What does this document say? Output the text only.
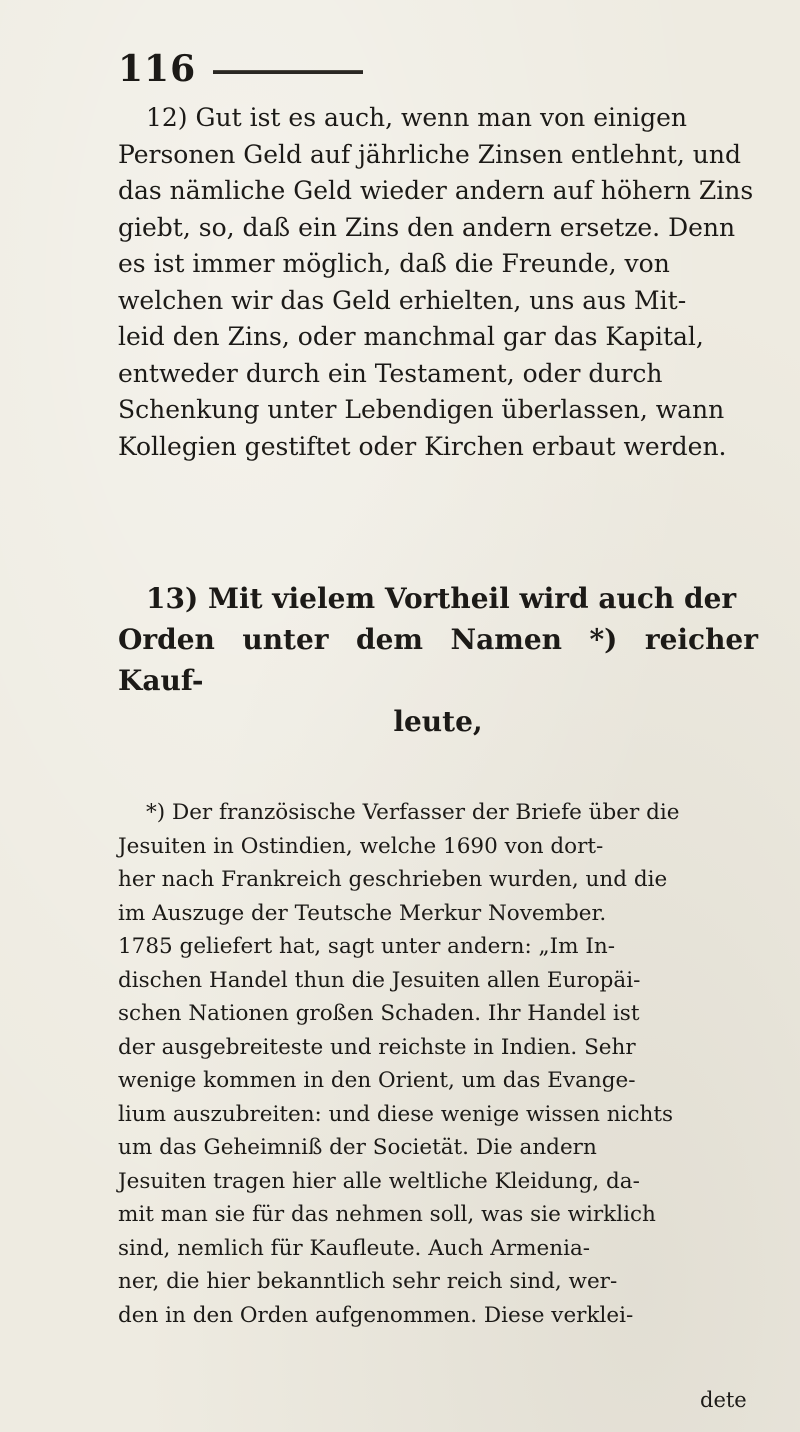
116

12) Gut ist es auch, wenn man von einigen

Personen Geld auf jährliche Zinsen entlehnt, und

das nämliche Geld wieder andern auf höhern Zins

giebt, so, daß ein Zins den andern ersetze. Denn

es ist immer möglich, daß die Freunde, von

welchen wir das Geld erhielten, uns aus Mit-

leid den Zins, oder manchmal gar das Kapital,

entweder durch ein Testament, oder durch

Schenkung unter Lebendigen überlassen, wann

Kollegien gestiftet oder Kirchen erbaut werden.

13) Mit vielem Vortheil wird auch der

Orden unter dem Namen *) reicher Kauf-

leute,

*) Der französische Verfasser der Briefe über die

Jesuiten in Ostindien, welche 1690 von dort-

her nach Frankreich geschrieben wurden, und die

im Auszuge der Teutsche Merkur November.

1785 geliefert hat, sagt unter andern: „Im In-

dischen Handel thun die Jesuiten allen Europäi-

schen Nationen großen Schaden. Ihr Handel ist

der ausgebreiteste und reichste in Indien. Sehr

wenige kommen in den Orient, um das Evange-

lium auszubreiten: und diese wenige wissen nichts

um das Geheimniß der Societät. Die andern

Jesuiten tragen hier alle weltliche Kleidung, da-

mit man sie für das nehmen soll, was sie wirklich

sind, nemlich für Kaufleute. Auch Armenia-

ner, die hier bekanntlich sehr reich sind, wer-

den in den Orden aufgenommen. Diese verklei-

dete
